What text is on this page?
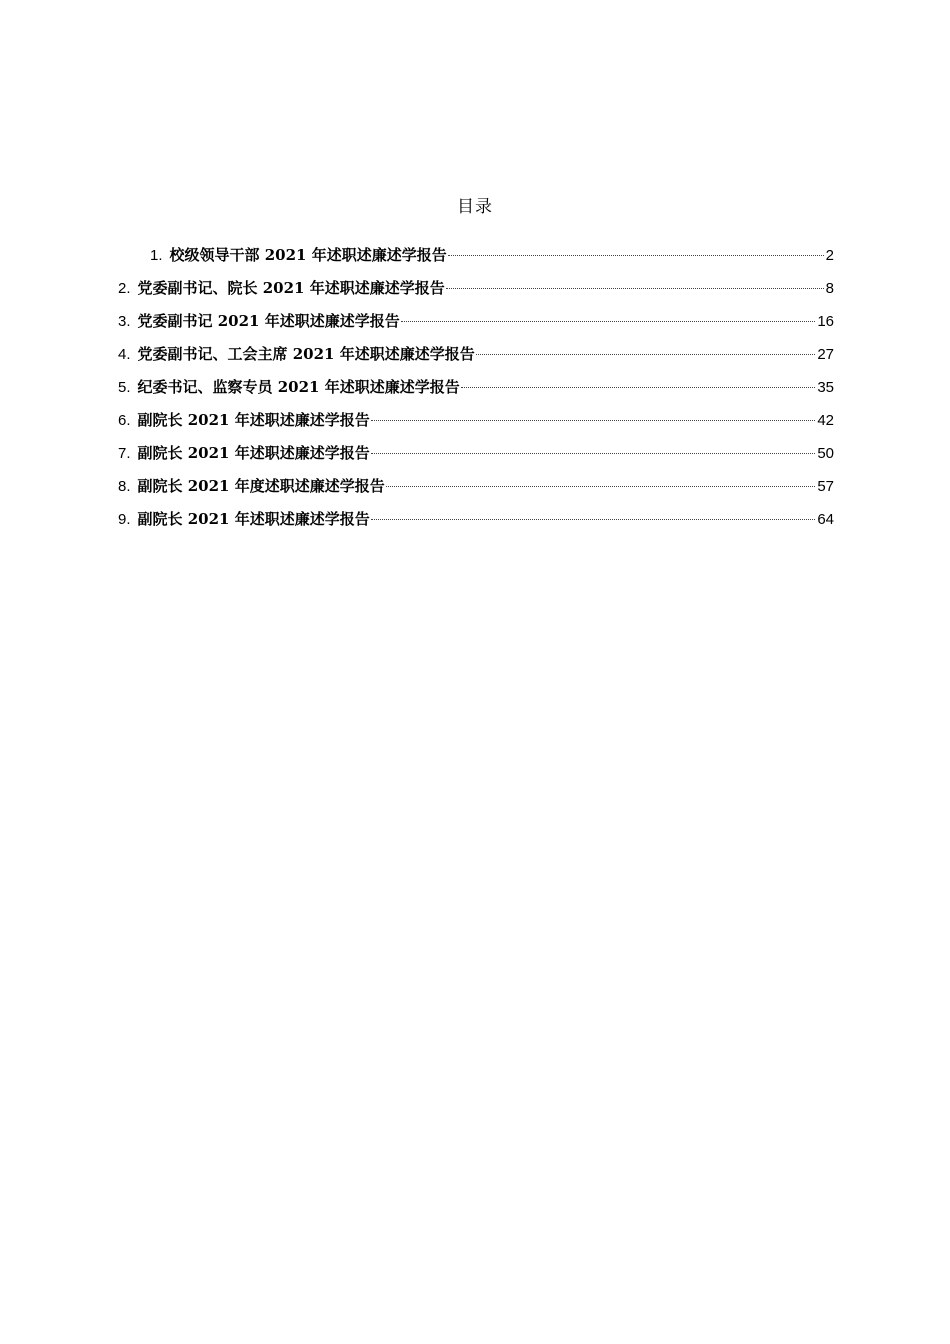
目录
1. 校级领导干部 2021 年述职述廉述学报告	2
2. 党委副书记、院长 2021 年述职述廉述学报告	8
3. 党委副书记 2021 年述职述廉述学报告	16
4. 党委副书记、工会主席 2021 年述职述廉述学报告	27
5. 纪委书记、监察专员 2021 年述职述廉述学报告	35
6. 副院长 2021 年述职述廉述学报告	42
7. 副院长 2021 年述职述廉述学报告	50
8. 副院长 2021 年度述职述廉述学报告	57
9. 副院长 2021 年述职述廉述学报告	64
